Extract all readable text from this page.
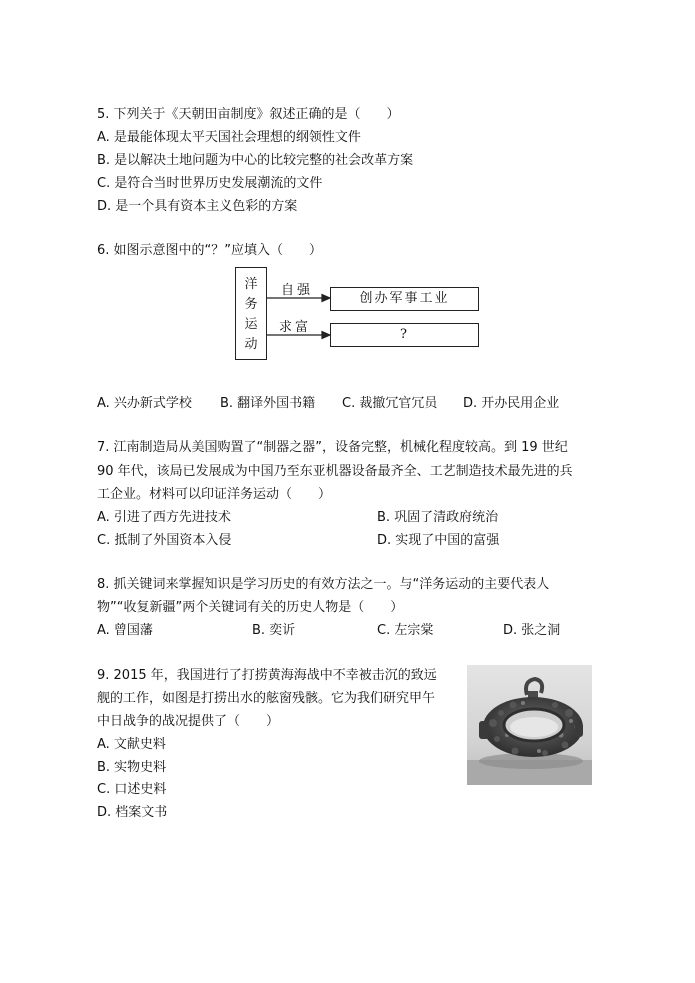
5. 下列关于《天朝田亩制度》叙述正确的是（　　）
A. 是最能体现太平天国社会理想的纲领性文件
B. 是以解决土地问题为中心的比较完整的社会改革方案
C. 是符合当时世界历史发展潮流的文件
D. 是一个具有资本主义色彩的方案
6. 如图示意图中的“？”应填入（　　）
洋
务
运
动
自强
求富
创办军事工业
?
A. 兴办新式学校 B. 翻译外国书籍 C. 裁撤冗官冗员 D. 开办民用企业
7. 江南制造局从美国购置了“制器之器”，设备完整，机械化程度较高。到 19 世纪
90 年代，该局已发展成为中国乃至东亚机器设备最齐全、工艺制造技术最先进的兵
工企业。材料可以印证洋务运动（　　）
A. 引进了西方先进技术	B. 巩固了清政府统治
C. 抵制了外国资本入侵	D. 实现了中国的富强
8. 抓关键词来掌握知识是学习历史的有效方法之一。与“洋务运动的主要代表人
物”“收复新疆”两个关键词有关的历史人物是（　　）
A. 曾国藩	B. 奕䜣	C. 左宗棠	D. 张之洞
9. 2015 年，我国进行了打捞黄海海战中不幸被击沉的致远
舰的工作，如图是打捞出水的舷窗残骸。它为我们研究甲午
中日战争的战况提供了（　　）
A. 文献史料
B. 实物史料
C. 口述史料
D. 档案文书
